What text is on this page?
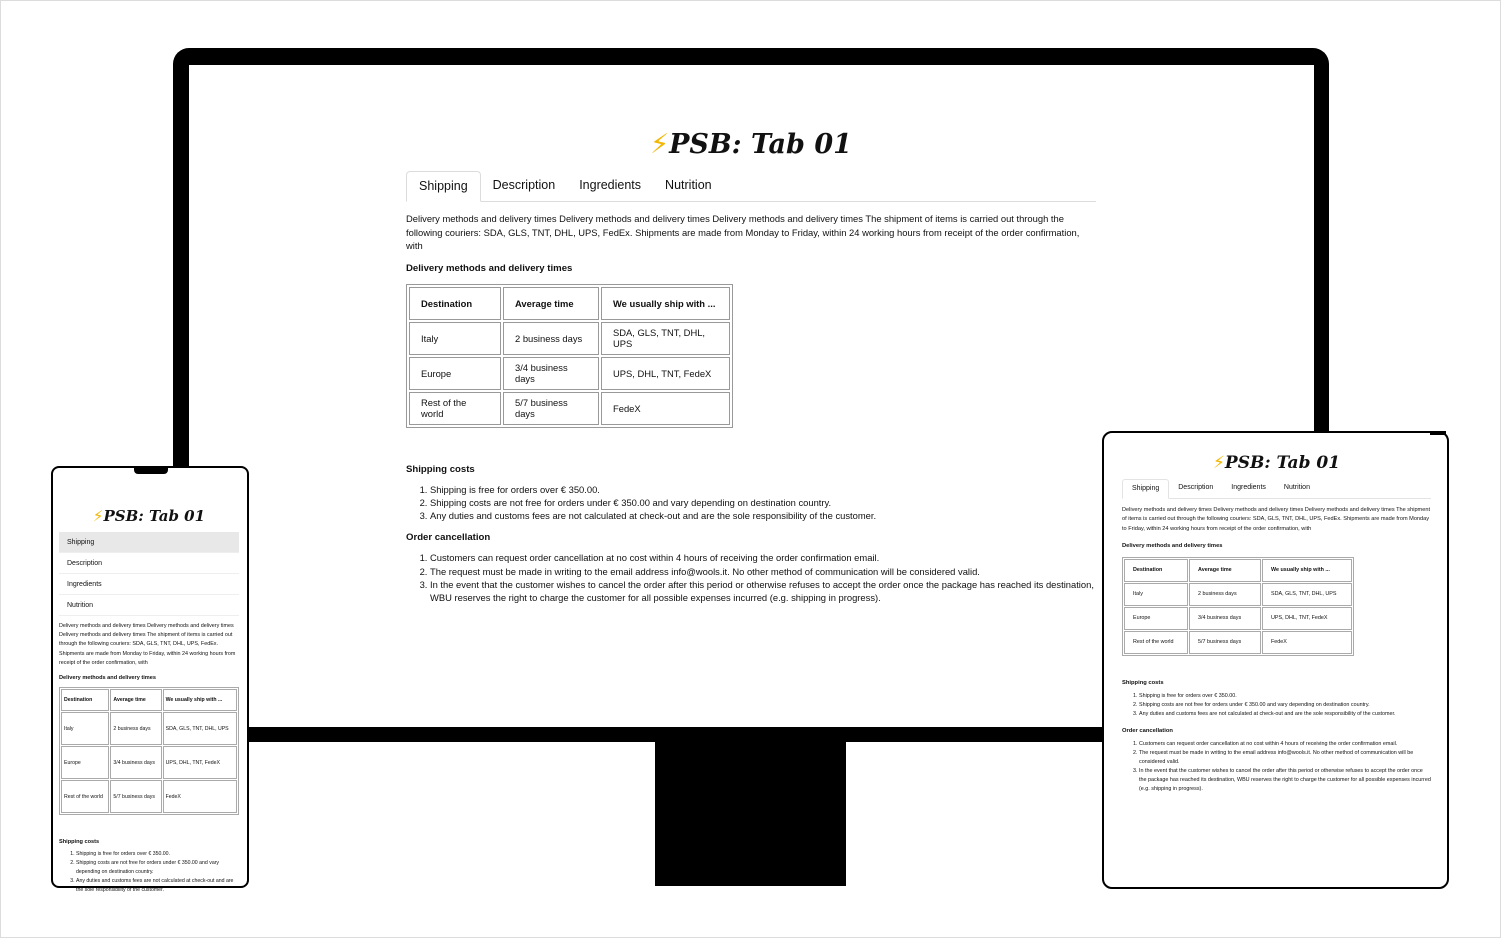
⚡PSB: Tab 01
Shipping	Description	Ingredients	Nutrition

Delivery methods and delivery times Delivery methods and delivery times Delivery methods and delivery times The shipment of items is carried out through the following couriers: SDA, GLS, TNT, DHL, UPS, FedEx. Shipments are made from Monday to Friday, within 24 working hours from receipt of the order confirmation, with

Delivery methods and delivery times
Destination	Average time	We usually ship with ...
Italy	2 business days	SDA, GLS, TNT, DHL, UPS
Europe	3/4 business days	UPS, DHL, TNT, FedeX
Rest of the world	5/7 business days	FedeX
Shipping costs
1. Shipping is free for orders over € 350.00.
2. Shipping costs are not free for orders under € 350.00 and vary depending on destination country.
3. Any duties and customs fees are not calculated at check-out and are the sole responsibility of the customer.
Order cancellation
1. Customers can request order cancellation at no cost within 4 hours of receiving the order confirmation email.
2. The request must be made in writing to the email address info@wools.it. No other method of communication will be considered valid.
3. In the event that the customer wishes to cancel the order after this period or otherwise refuses to accept the order once the package has reached its destination, WBU reserves the right to charge the customer for all possible expenses incurred (e.g. shipping in progress).
⚡PSB: Tab 01
Shipping
Description
Ingredients
Nutrition

Delivery methods and delivery times Delivery methods and delivery times Delivery methods and delivery times The shipment of items is carried out through the following couriers: SDA, GLS, TNT, DHL, UPS, FedEx. Shipments are made from Monday to Friday, within 24 working hours from receipt of the order confirmation, with

Delivery methods and delivery times
Destination	Average time	We usually ship with ...
Italy	2 business days	SDA, GLS, TNT, DHL, UPS
Europe	3/4 business days	UPS, DHL, TNT, FedeX
Rest of the world	5/7 business days	FedeX
Shipping costs
1. Shipping is free for orders over € 350.00.
2. Shipping costs are not free for orders under € 350.00 and vary depending on destination country.
3. Any duties and customs fees are not calculated at check-out and are the sole responsibility of the customer.
⚡PSB: Tab 01
Shipping	Description	Ingredients	Nutrition

Delivery methods and delivery times Delivery methods and delivery times Delivery methods and delivery times The shipment of items is carried out through the following couriers: SDA, GLS, TNT, DHL, UPS, FedEx. Shipments are made from Monday to Friday, within 24 working hours from receipt of the order confirmation, with

Delivery methods and delivery times
Destination	Average time	We usually ship with ...
Italy	2 business days	SDA, GLS, TNT, DHL, UPS
Europe	3/4 business days	UPS, DHL, TNT, FedeX
Rest of the world	5/7 business days	FedeX
Shipping costs
1. Shipping is free for orders over € 350.00.
2. Shipping costs are not free for orders under € 350.00 and vary depending on destination country.
3. Any duties and customs fees are not calculated at check-out and are the sole responsibility of the customer.
Order cancellation
1. Customers can request order cancellation at no cost within 4 hours of receiving the order confirmation email.
2. The request must be made in writing to the email address info@wools.it. No other method of communication will be considered valid.
3. In the event that the customer wishes to cancel the order after this period or otherwise refuses to accept the order once the package has reached its destination, WBU reserves the right to charge the customer for all possible expenses incurred (e.g. shipping in progress).
